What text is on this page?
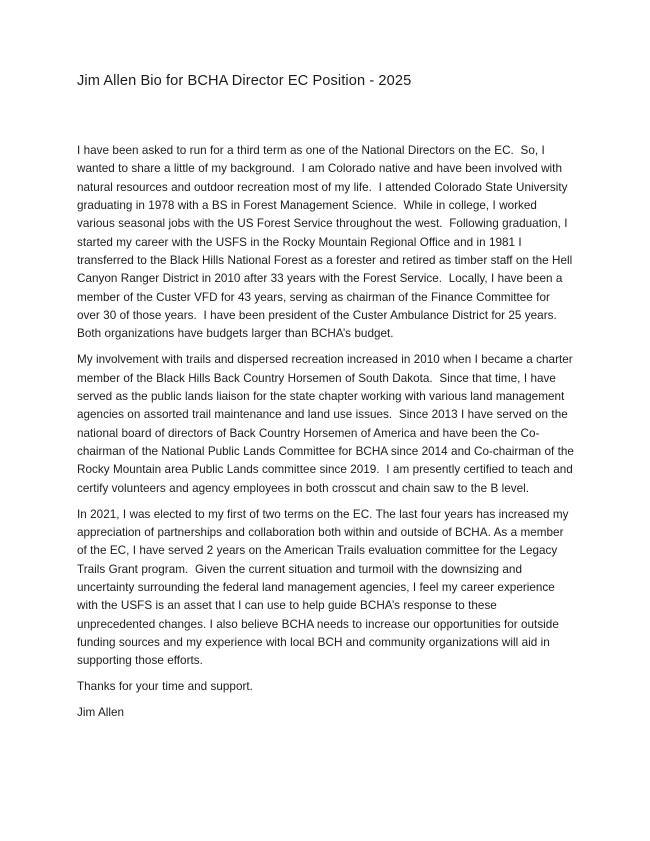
Jim Allen Bio for BCHA Director EC Position - 2025

I have been asked to run for a third term as one of the National Directors on the EC.  So, I wanted to share a little of my background.  I am Colorado native and have been involved with natural resources and outdoor recreation most of my life.  I attended Colorado State University graduating in 1978 with a BS in Forest Management Science.  While in college, I worked various seasonal jobs with the US Forest Service throughout the west.  Following graduation, I started my career with the USFS in the Rocky Mountain Regional Office and in 1981 I transferred to the Black Hills National Forest as a forester and retired as timber staff on the Hell Canyon Ranger District in 2010 after 33 years with the Forest Service.  Locally, I have been a member of the Custer VFD for 43 years, serving as chairman of the Finance Committee for over 30 of those years.  I have been president of the Custer Ambulance District for 25 years.  Both organizations have budgets larger than BCHA’s budget.

My involvement with trails and dispersed recreation increased in 2010 when I became a charter member of the Black Hills Back Country Horsemen of South Dakota.  Since that time, I have served as the public lands liaison for the state chapter working with various land management agencies on assorted trail maintenance and land use issues.  Since 2013 I have served on the national board of directors of Back Country Horsemen of America and have been the Co-chairman of the National Public Lands Committee for BCHA since 2014 and Co-chairman of the Rocky Mountain area Public Lands committee since 2019.  I am presently certified to teach and certify volunteers and agency employees in both crosscut and chain saw to the B level.

In 2021, I was elected to my first of two terms on the EC. The last four years has increased my appreciation of partnerships and collaboration both within and outside of BCHA. As a member of the EC, I have served 2 years on the American Trails evaluation committee for the Legacy Trails Grant program.  Given the current situation and turmoil with the downsizing and uncertainty surrounding the federal land management agencies, I feel my career experience with the USFS is an asset that I can use to help guide BCHA’s response to these unprecedented changes. I also believe BCHA needs to increase our opportunities for outside funding sources and my experience with local BCH and community organizations will aid in supporting those efforts.

Thanks for your time and support.

Jim Allen
